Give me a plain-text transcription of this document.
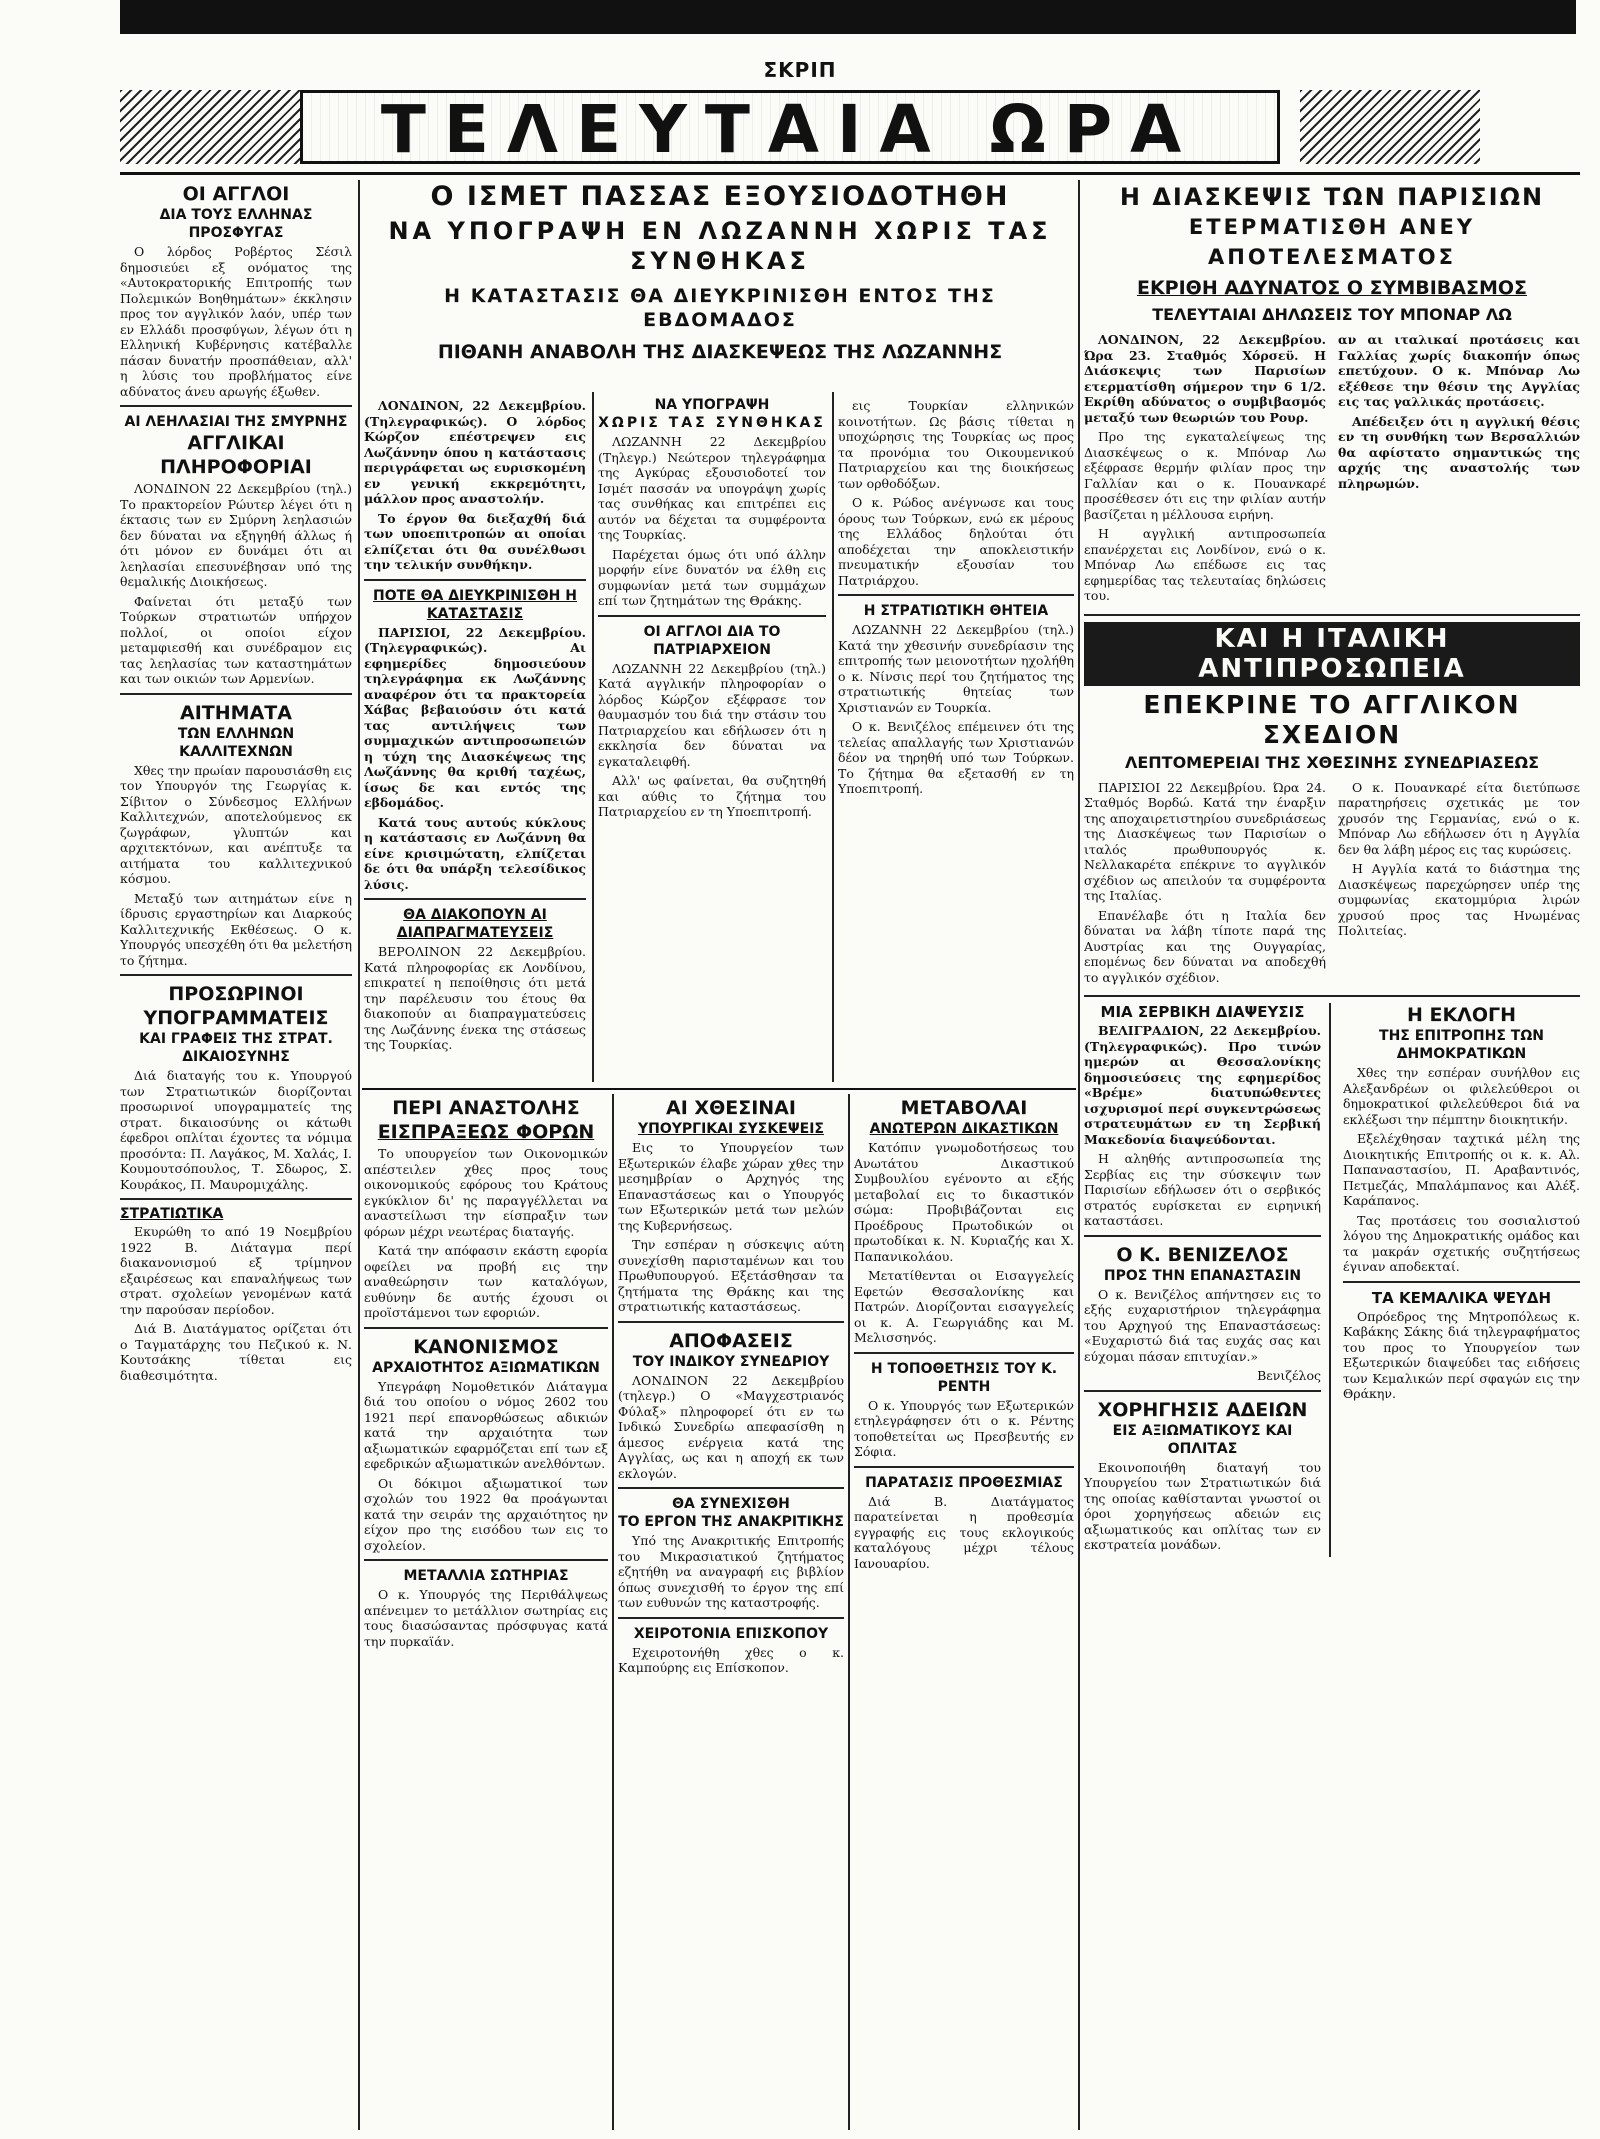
ΣΚΡΙΠ
ΤΕΛΕΥΤΑΙΑ ΩΡΑ
ΟΙ ΑΓΓΛΟΙ
ΔΙΑ ΤΟΥΣ ΕΛΛΗΝΑΣ ΠΡΟΣΦΥΓΑΣ

Ο λόρδος Ροβέρτος Σέσιλ δημοσιεύει εξ ονόματος της «Αυτοκρατορικής Επιτροπής των Πολεμικών Βοηθημάτων» έκκλησιν προς τον αγγλικόν λαόν, υπέρ των εν Ελλάδι προσφύγων, λέγων ότι η Ελληνική Κυβέρνησις κατέβαλλε πάσαν δυνατήν προσπάθειαν, αλλ' η λύσις του προβλήματος είνε αδύνατος άνευ αρωγής έξωθεν.

ΑΙ ΛΕΗΛΑΣΙΑΙ ΤΗΣ ΣΜΥΡΝΗΣ
ΑΓΓΛΙΚΑΙ ΠΛΗΡΟΦΟΡΙΑΙ

ΛΟΝΔΙΝΟΝ 22 Δεκεμβρίου (τηλ.) Το πρακτορείον Ρώυτερ λέγει ότι η έκτασις των εν Σμύρνη λεηλασιών δεν δύναται να εξηγηθή άλλως ή ότι μόνον εν δυνάμει ότι αι λεηλασίαι επεσυνέβησαν υπό της θεμαλικής Διοικήσεως.

Φαίνεται ότι μεταξύ των Τούρκων στρατιωτών υπήρχον πολλοί, οι οποίοι είχον μεταμφιεσθή και συνέδραμον εις τας λεηλασίας των καταστημάτων και των οικιών των Αρμενίων.

ΑΙΤΗΜΑΤΑ
ΤΩΝ ΕΛΛΗΝΩΝ ΚΑΛΛΙΤΕΧΝΩΝ

Χθες την πρωίαν παρουσιάσθη εις τον Υπουργόν της Γεωργίας κ. Σίβιτον ο Σύνδεσμος Ελλήνων Καλλιτεχνών, αποτελούμενος εκ ζωγράφων, γλυπτών και αρχιτεκτόνων, και ανέπτυξε τα αιτήματα του καλλιτεχνικού κόσμου.

Μεταξύ των αιτημάτων είνε η ίδρυσις εργαστηρίων και Διαρκούς Καλλιτεχνικής Εκθέσεως. Ο κ. Υπουργός υπεσχέθη ότι θα μελετήση το ζήτημα.

ΠΡΟΣΩΡΙΝΟΙ ΥΠΟΓΡΑΜΜΑΤΕΙΣ
ΚΑΙ ΓΡΑΦΕΙΣ ΤΗΣ ΣΤΡΑΤ. ΔΙΚΑΙΟΣΥΝΗΣ

Διά διαταγής του κ. Υπουργού των Στρατιωτικών διορίζονται προσωρινοί υπογραμματείς της στρατ. δικαιοσύνης οι κάτωθι έφεδροι οπλίται έχοντες τα νόμιμα προσόντα: Π. Λαγάκος, Μ. Χαλάς, Ι. Κουμουτσόπουλος, Τ. Σδωρος, Σ. Κουράκος, Π. Μαυρομιχάλης.

ΣΤΡΑΤΙΩΤΙΚΑ

Εκυρώθη το από 19 Νοεμβρίου 1922 Β. Διάταγμα περί διακανονισμού εξ τρίμηνον εξαιρέσεως και επαναλήψεως των στρατ. σχολείων γενομένων κατά την παρούσαν περίοδον.

Διά Β. Διατάγματος ορίζεται ότι ο Ταγματάρχης του Πεζικού κ. Ν. Κουτσάκης τίθεται εις διαθεσιμότητα.

Ο ΙΣΜΕΤ ΠΑΣΣΑΣ ΕΞΟΥΣΙΟΔΟΤΗΘΗ
ΝΑ ΥΠΟΓΡΑΨΗ ΕΝ ΛΩΖΑΝΝΗ ΧΩΡΙΣ ΤΑΣ ΣΥΝΘΗΚΑΣ
Η ΚΑΤΑΣΤΑΣΙΣ ΘΑ ΔΙΕΥΚΡΙΝΙΣΘΗ ΕΝΤΟΣ ΤΗΣ ΕΒΔΟΜΑΔΟΣ
ΠΙΘΑΝΗ ΑΝΑΒΟΛΗ ΤΗΣ ΔΙΑΣΚΕΨΕΩΣ ΤΗΣ ΛΩΖΑΝΝΗΣ

ΛΟΝΔΙΝΟΝ, 22 Δεκεμβρίου. (Τηλεγραφικώς). Ο λόρδος Κώρζον επέστρεψεν εις Λωζάννην όπου η κατάστασις περιγράφεται ως ευρισκομένη εν γενική εκκρεμότητι, μάλλον προς αναστολήν.

Το έργον θα διεξαχθή διά των υποεπιτροπών αι οποίαι ελπίζεται ότι θα συνέλθωσι την τελικήν συνθήκην.

ΠΟΤΕ ΘΑ ΔΙΕΥΚΡΙΝΙΣΘΗ Η ΚΑΤΑΣΤΑΣΙΣ

ΠΑΡΙΣΙΟΙ, 22 Δεκεμβρίου. (Τηλεγραφικώς). Αι εφημερίδες δημοσιεύουν τηλεγράφημα εκ Λωζάννης αναφέρον ότι τα πρακτορεία Χάβας βεβαιούσιν ότι κατά τας αντιλήψεις των συμμαχικών αντιπροσωπειών η τύχη της Διασκέψεως της Λωζάννης θα κριθή ταχέως, ίσως δε και εντός της εβδομάδος.

Κατά τους αυτούς κύκλους η κατάστασις εν Λωζάννη θα είνε κρισιμώτατη, ελπίζεται δε ότι θα υπάρξη τελεσίδικος λύσις.

ΘΑ ΔΙΑΚΟΠΟΥΝ ΑΙ ΔΙΑΠΡΑΓΜΑΤΕΥΣΕΙΣ

ΒΕΡΟΛΙΝΟΝ 22 Δεκεμβρίου. Κατά πληροφορίας εκ Λονδίνου, επικρατεί η πεποίθησις ότι μετά την παρέλευσιν του έτους θα διακοπούν αι διαπραγματεύσεις της Λωζάννης ένεκα της στάσεως της Τουρκίας.

ΝΑ ΥΠΟΓΡΑΨΗ
ΧΩΡΙΣ ΤΑΣ ΣΥΝΘΗΚΑΣ

ΛΩΖΑΝΝΗ 22 Δεκεμβρίου (Τηλεγρ.) Νεώτερον τηλεγράφημα της Αγκύρας εξουσιοδοτεί τον Ισμέτ πασσάν να υπογράψη χωρίς τας συνθήκας και επιτρέπει εις αυτόν να δέχεται τα συμφέροντα της Τουρκίας.

Παρέχεται όμως ότι υπό άλλην μορφήν είνε δυνατόν να έλθη εις συμφωνίαν μετά των συμμάχων επί των ζητημάτων της Θράκης.

ΟΙ ΑΓΓΛΟΙ ΔΙΑ ΤΟ ΠΑΤΡΙΑΡΧΕΙΟΝ

ΛΩΖΑΝΝΗ 22 Δεκεμβρίου (τηλ.) Κατά αγγλικήν πληροφορίαν ο λόρδος Κώρζον εξέφρασε τον θαυμασμόν του διά την στάσιν του Πατριαρχείου και εδήλωσεν ότι η εκκλησία δεν δύναται να εγκαταλειφθή.

Αλλ' ως φαίνεται, θα συζητηθή και αύθις το ζήτημα του Πατριαρχείου εν τη Υποεπιτροπή.

εις Τουρκίαν ελληνικών κοινοτήτων. Ως βάσις τίθεται η υποχώρησις της Τουρκίας ως προς τα προνόμια του Οικουμενικού Πατριαρχείου και της διοικήσεως των ορθοδόξων.

Ο κ. Ρώδος ανέγνωσε και τους όρους των Τούρκων, ενώ εκ μέρους της Ελλάδος δηλούται ότι αποδέχεται την αποκλειστικήν πνευματικήν εξουσίαν του Πατριάρχου.

Η ΣΤΡΑΤΙΩΤΙΚΗ ΘΗΤΕΙΑ

ΛΩΖΑΝΝΗ 22 Δεκεμβρίου (τηλ.) Κατά την χθεσινήν συνεδρίασιν της επιτροπής των μειονοτήτων ηχολήθη ο κ. Νίνσις περί του ζητήματος της στρατιωτικής θητείας των Χριστιανών εν Τουρκία.

Ο κ. Βενιζέλος επέμεινεν ότι της τελείας απαλλαγής των Χριστιανών δέον να τηρηθή υπό των Τούρκων. Το ζήτημα θα εξετασθή εν τη Υποεπιτροπή.

ΠΕΡΙ ΑΝΑΣΤΟΛΗΣ
ΕΙΣΠΡΑΞΕΩΣ ΦΟΡΩΝ

Το υπουργείον των Οικονομικών απέστειλεν χθες προς τους οικονομικούς εφόρους του Κράτους εγκύκλιον δι' ης παραγγέλλεται να αναστείλωσι την είσπραξιν των φόρων μέχρι νεωτέρας διαταγής.

Κατά την απόφασιν εκάστη εφορία οφείλει να προβή εις την αναθεώρησιν των καταλόγων, ευθύνην δε αυτής έχουσι οι προϊστάμενοι των εφοριών.

ΚΑΝΟΝΙΣΜΟΣ
ΑΡΧΑΙΟΤΗΤΟΣ ΑΞΙΩΜΑΤΙΚΩΝ

Υπεγράφη Νομοθετικόν Διάταγμα διά του οποίου ο νόμος 2602 του 1921 περί επανορθώσεως αδικιών κατά την αρχαιότητα των αξιωματικών εφαρμόζεται επί των εξ εφεδρικών αξιωματικών ανελθόντων.

Οι δόκιμοι αξιωματικοί των σχολών του 1922 θα προάγωνται κατά την σειράν της αρχαιότητος ην είχον προ της εισόδου των εις το σχολείον.

ΜΕΤΑΛΛΙΑ ΣΩΤΗΡΙΑΣ

Ο κ. Υπουργός της Περιθάλψεως απένειμεν το μετάλλιον σωτηρίας εις τους διασώσαντας πρόσφυγας κατά την πυρκαϊάν.

ΑΙ ΧΘΕΣΙΝΑΙ
ΥΠΟΥΡΓΙΚΑΙ ΣΥΣΚΕΨΕΙΣ

Εις το Υπουργείον των Εξωτερικών έλαβε χώραν χθες την μεσημβρίαν ο Αρχηγός της Επαναστάσεως και ο Υπουργός των Εξωτερικών μετά των μελών της Κυβερνήσεως.

Την εσπέραν η σύσκεψις αύτη συνεχίσθη παρισταμένων και του Πρωθυπουργού. Εξετάσθησαν τα ζητήματα της Θράκης και της στρατιωτικής καταστάσεως.

ΑΠΟΦΑΣΕΙΣ
ΤΟΥ ΙΝΔΙΚΟΥ ΣΥΝΕΔΡΙΟΥ

ΛΟΝΔΙΝΟΝ 22 Δεκεμβρίου (τηλεγρ.) Ο «Μαγχεστριανός Φύλαξ» πληροφορεί ότι εν τω Ινδικώ Συνεδρίω απεφασίσθη η άμεσος ενέργεια κατά της Αγγλίας, ως και η αποχή εκ των εκλογών.

ΘΑ ΣΥΝΕΧΙΣΘΗ
ΤΟ ΕΡΓΟΝ ΤΗΣ ΑΝΑΚΡΙΤΙΚΗΣ

Υπό της Ανακριτικής Επιτροπής του Μικρασιατικού ζητήματος εζητήθη να αναγραφή εις βιβλίον όπως συνεχισθή το έργον της επί των ευθυνών της καταστροφής.

ΧΕΙΡΟΤΟΝΙΑ ΕΠΙΣΚΟΠΟΥ

Εχειροτονήθη χθες ο κ. Καμπούρης εις Επίσκοπον.

ΜΕΤΑΒΟΛΑΙ
ΑΝΩΤΕΡΩΝ ΔΙΚΑΣΤΙΚΩΝ

Κατόπιν γνωμοδοτήσεως του Ανωτάτου Δικαστικού Συμβουλίου εγένοντο αι εξής μεταβολαί εις το δικαστικόν σώμα: Προβιβάζονται εις Προέδρους Πρωτοδικών οι πρωτοδίκαι κ. Ν. Κυριαζής και Χ. Παπανικολάου.

Μετατίθενται οι Εισαγγελείς Εφετών Θεσσαλονίκης και Πατρών. Διορίζονται εισαγγελείς οι κ. Α. Γεωργιάδης και Μ. Μελισσηνός.

Η ΤΟΠΟΘΕΤΗΣΙΣ ΤΟΥ Κ. ΡΕΝΤΗ

Ο κ. Υπουργός των Εξωτερικών ετηλεγράφησεν ότι ο κ. Ρέντης τοποθετείται ως Πρεσβευτής εν Σόφια.

ΠΑΡΑΤΑΣΙΣ ΠΡΟΘΕΣΜΙΑΣ

Διά Β. Διατάγματος παρατείνεται η προθεσμία εγγραφής εις τους εκλογικούς καταλόγους μέχρι τέλους Ιανουαρίου.

Η ΔΙΑΣΚΕΨΙΣ ΤΩΝ ΠΑΡΙΣΙΩΝ
ΕΤΕΡΜΑΤΙΣΘΗ ΑΝΕΥ ΑΠΟΤΕΛΕΣΜΑΤΟΣ
ΕΚΡΙΘΗ ΑΔΥΝΑΤΟΣ Ο ΣΥΜΒΙΒΑΣΜΟΣ
ΤΕΛΕΥΤΑΙΑΙ ΔΗΛΩΣΕΙΣ ΤΟΥ ΜΠΟΝΑΡ ΛΩ

ΛΟΝΔΙΝΟΝ, 22 Δεκεμβρίου. Ώρα 23. Σταθμός Χόρσεϋ. Η Διάσκεψις των Παρισίων ετερματίσθη σήμερον την 6 1/2. Εκρίθη αδύνατος ο συμβιβασμός μεταξύ των θεωριών του Ρουρ.

Προ της εγκαταλείψεως της Διασκέψεως ο κ. Μπόναρ Λω εξέφρασε θερμήν φιλίαν προς την Γαλλίαν και ο κ. Πουανκαρέ προσέθεσεν ότι εις την φιλίαν αυτήν βασίζεται η μέλλουσα ειρήνη.

Η αγγλική αντιπροσωπεία επανέρχεται εις Λονδίνον, ενώ ο κ. Μπόναρ Λω επέδωσε εις τας εφημερίδας τας τελευταίας δηλώσεις του.

αν αι ιταλικαί προτάσεις και Γαλλίας χωρίς διακοπήν όπως επετύχουν. Ο κ. Μπόναρ Λω εξέθεσε την θέσιν της Αγγλίας εις τας γαλλικάς προτάσεις.

Απέδειξεν ότι η αγγλική θέσις εν τη συνθήκη των Βερσαλλιών θα αφίστατο σημαντικώς της αρχής της αναστολής των πληρωμών.

ΚΑΙ Η ΙΤΑΛΙΚΗ ΑΝΤΙΠΡΟΣΩΠΕΙΑ
ΕΠΕΚΡΙΝΕ ΤΟ ΑΓΓΛΙΚΟΝ ΣΧΕΔΙΟΝ
ΛΕΠΤΟΜΕΡΕΙΑΙ ΤΗΣ ΧΘΕΣΙΝΗΣ ΣΥΝΕΔΡΙΑΣΕΩΣ

ΠΑΡΙΣΙΟΙ 22 Δεκεμβρίου. Ώρα 24. Σταθμός Βορδώ. Κατά την έναρξιν της αποχαιρετιστηρίου συνεδριάσεως της Διασκέψεως των Παρισίων ο ιταλός πρωθυπουργός κ. Νελλακαρέτα επέκρινε το αγγλικόν σχέδιον ως απειλούν τα συμφέροντα της Ιταλίας.

Επανέλαβε ότι η Ιταλία δεν δύναται να λάβη τίποτε παρά της Αυστρίας και της Ουγγαρίας, επομένως δεν δύναται να αποδεχθή το αγγλικόν σχέδιον.

Ο κ. Πουανκαρέ είτα διετύπωσε παρατηρήσεις σχετικάς με τον χρυσόν της Γερμανίας, ενώ ο κ. Μπόναρ Λω εδήλωσεν ότι η Αγγλία δεν θα λάβη μέρος εις τας κυρώσεις.

Η Αγγλία κατά το διάστημα της Διασκέψεως παρεχώρησεν υπέρ της συμφωνίας εκατομμύρια λιρών χρυσού προς τας Ηνωμένας Πολιτείας.

ΜΙΑ ΣΕΡΒΙΚΗ ΔΙΑΨΕΥΣΙΣ

ΒΕΛΙΓΡΑΔΙΟΝ, 22 Δεκεμβρίου. (Τηλεγραφικώς). Προ τινών ημερών αι Θεσσαλονίκης δημοσιεύσεις της εφημερίδος «Βρέμε» διατυπώθεντες ισχυρισμοί περί συγκεντρώσεως στρατευμάτων εν τη Σερβική Μακεδονία διαψεύδονται.

Η αληθής αντιπροσωπεία της Σερβίας εις την σύσκεψιν των Παρισίων εδήλωσεν ότι ο σερβικός στρατός ευρίσκεται εν ειρηνική καταστάσει.

Ο Κ. ΒΕΝΙΖΕΛΟΣ
ΠΡΟΣ ΤΗΝ ΕΠΑΝΑΣΤΑΣΙΝ

Ο κ. Βενιζέλος απήντησεν εις το εξής ευχαριστήριον τηλεγράφημα του Αρχηγού της Επαναστάσεως: «Ευχαριστώ διά τας ευχάς σας και εύχομαι πάσαν επιτυχίαν.»

Βενιζέλος

ΧΟΡΗΓΗΣΙΣ ΑΔΕΙΩΝ
ΕΙΣ ΑΞΙΩΜΑΤΙΚΟΥΣ ΚΑΙ ΟΠΛΙΤΑΣ

Εκοινοποιήθη διαταγή του Υπουργείου των Στρατιωτικών διά της οποίας καθίστανται γνωστοί οι όροι χορηγήσεως αδειών εις αξιωματικούς και οπλίτας των εν εκστρατεία μονάδων.

Η ΕΚΛΟΓΗ
ΤΗΣ ΕΠΙΤΡΟΠΗΣ ΤΩΝ ΔΗΜΟΚΡΑΤΙΚΩΝ

Χθες την εσπέραν συνήλθον εις Αλεξανδρέων οι φιλελεύθεροι οι δημοκρατικοί φιλελεύθεροι διά να εκλέξωσι την πέμπτην διοικητικήν.

Εξελέχθησαν ταχτικά μέλη της Διοικητικής Επιτροπής οι κ. κ. Αλ. Παπαναστασίου, Π. Αραβαντινός, Πετμεζάς, Μπαλάμπανος και Αλέξ. Καράπανος.

Τας προτάσεις του σοσιαλιστού λόγου της Δημοκρατικής ομάδος και τα μακράν σχετικής συζητήσεως έγιναν αποδεκταί.

ΤΑ ΚΕΜΑΛΙΚΑ ΨΕΥΔΗ

Οπρόεδρος της Μητροπόλεως κ. Καβάκης Σάκης διά τηλεγραφήματος του προς το Υπουργείον των Εξωτερικών διαψεύδει τας ειδήσεις των Κεμαλικών περί σφαγών εις την Θράκην.
